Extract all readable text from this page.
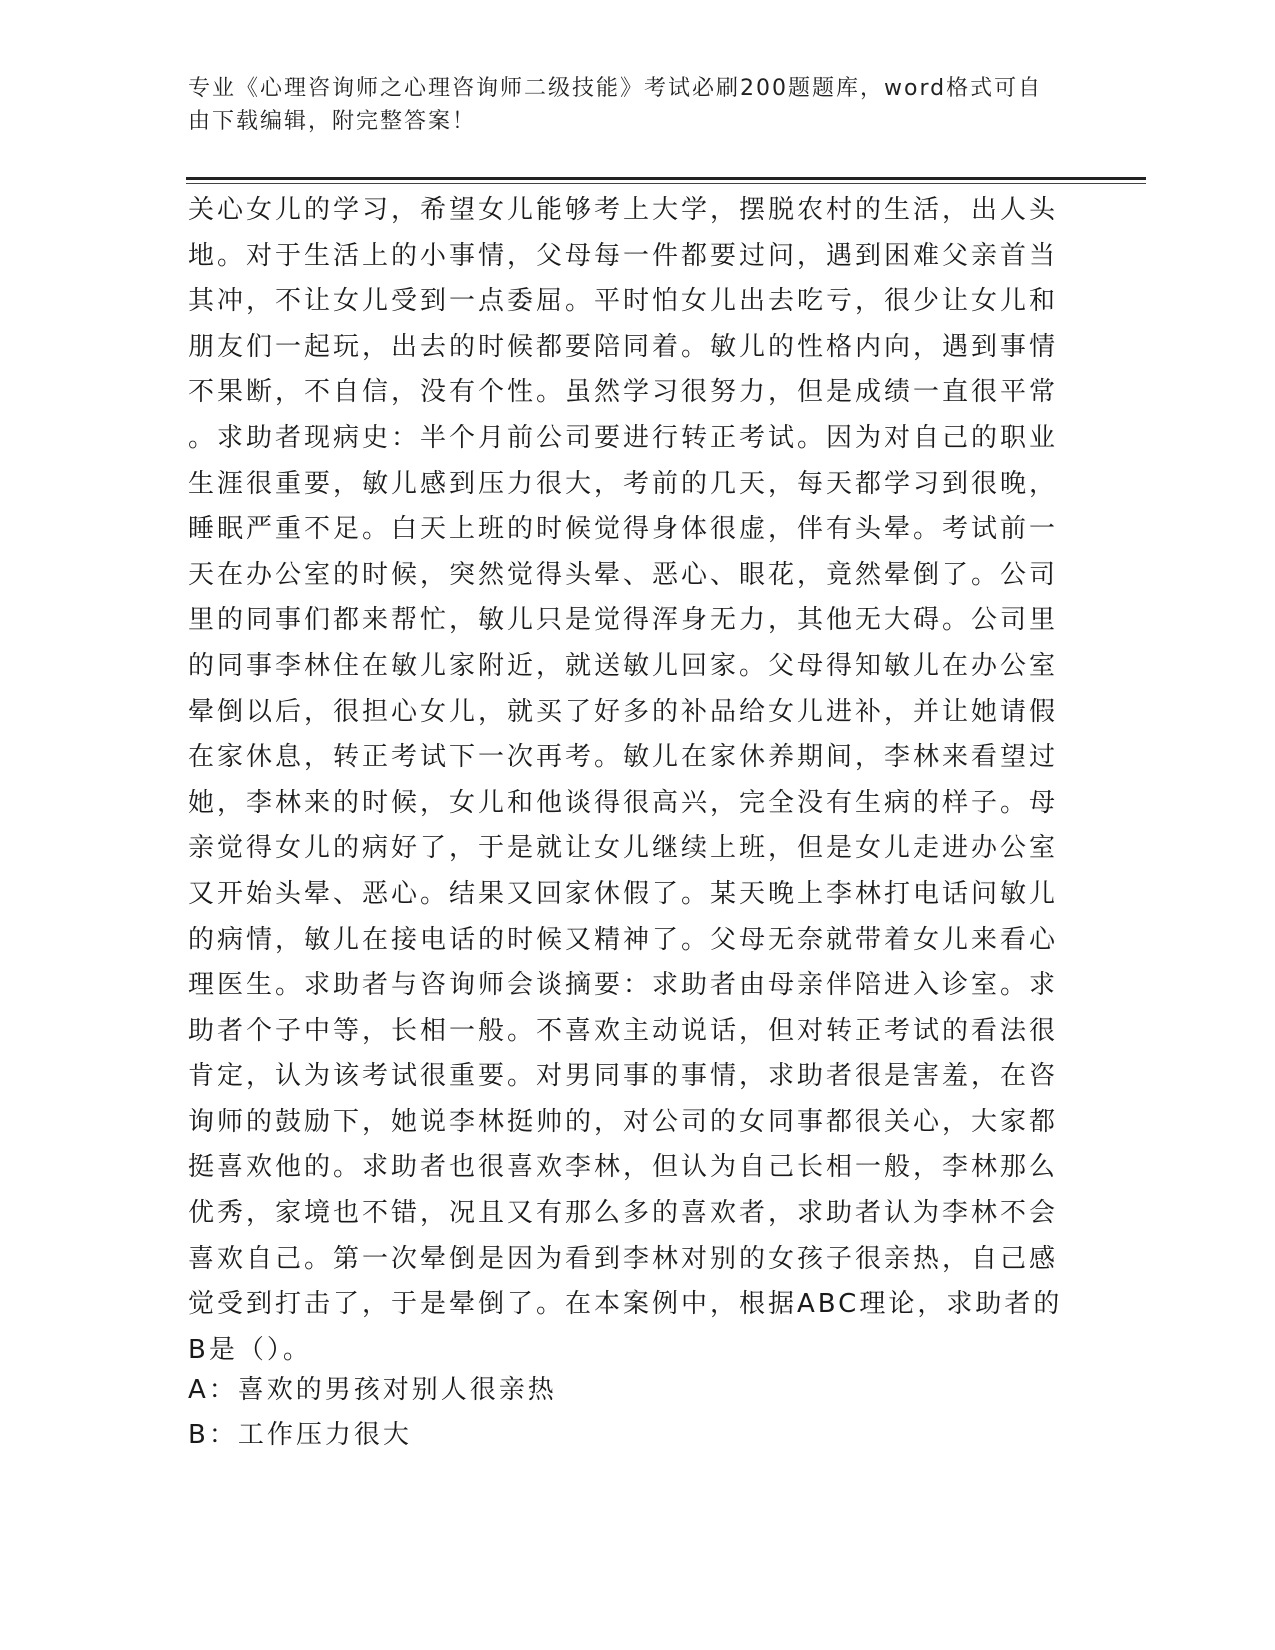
专业《心理咨询师之心理咨询师二级技能》考试必刷200题题库，word格式可自
由下载编辑，附完整答案！
关心女儿的学习，希望女儿能够考上大学，摆脱农村的生活，出人头
地。对于生活上的小事情，父母每一件都要过问，遇到困难父亲首当
其冲，不让女儿受到一点委屈。平时怕女儿出去吃亏，很少让女儿和
朋友们一起玩，出去的时候都要陪同着。敏儿的性格内向，遇到事情
不果断，不自信，没有个性。虽然学习很努力，但是成绩一直很平常
。求助者现病史：半个月前公司要进行转正考试。因为对自己的职业
生涯很重要，敏儿感到压力很大，考前的几天，每天都学习到很晚，
睡眠严重不足。白天上班的时候觉得身体很虚，伴有头晕。考试前一
天在办公室的时候，突然觉得头晕、恶心、眼花，竟然晕倒了。公司
里的同事们都来帮忙，敏儿只是觉得浑身无力，其他无大碍。公司里
的同事李林住在敏儿家附近，就送敏儿回家。父母得知敏儿在办公室
晕倒以后，很担心女儿，就买了好多的补品给女儿进补，并让她请假
在家休息，转正考试下一次再考。敏儿在家休养期间，李林来看望过
她，李林来的时候，女儿和他谈得很高兴，完全没有生病的样子。母
亲觉得女儿的病好了，于是就让女儿继续上班，但是女儿走进办公室
又开始头晕、恶心。结果又回家休假了。某天晚上李林打电话问敏儿
的病情，敏儿在接电话的时候又精神了。父母无奈就带着女儿来看心
理医生。求助者与咨询师会谈摘要：求助者由母亲伴陪进入诊室。求
助者个子中等，长相一般。不喜欢主动说话，但对转正考试的看法很
肯定，认为该考试很重要。对男同事的事情，求助者很是害羞，在咨
询师的鼓励下，她说李林挺帅的，对公司的女同事都很关心，大家都
挺喜欢他的。求助者也很喜欢李林，但认为自己长相一般，李林那么
优秀，家境也不错，况且又有那么多的喜欢者，求助者认为李林不会
喜欢自己。第一次晕倒是因为看到李林对别的女孩子很亲热，自己感
觉受到打击了，于是晕倒了。在本案例中，根据ABC理论，求助者的
B是（）。
A：喜欢的男孩对别人很亲热
B：工作压力很大
